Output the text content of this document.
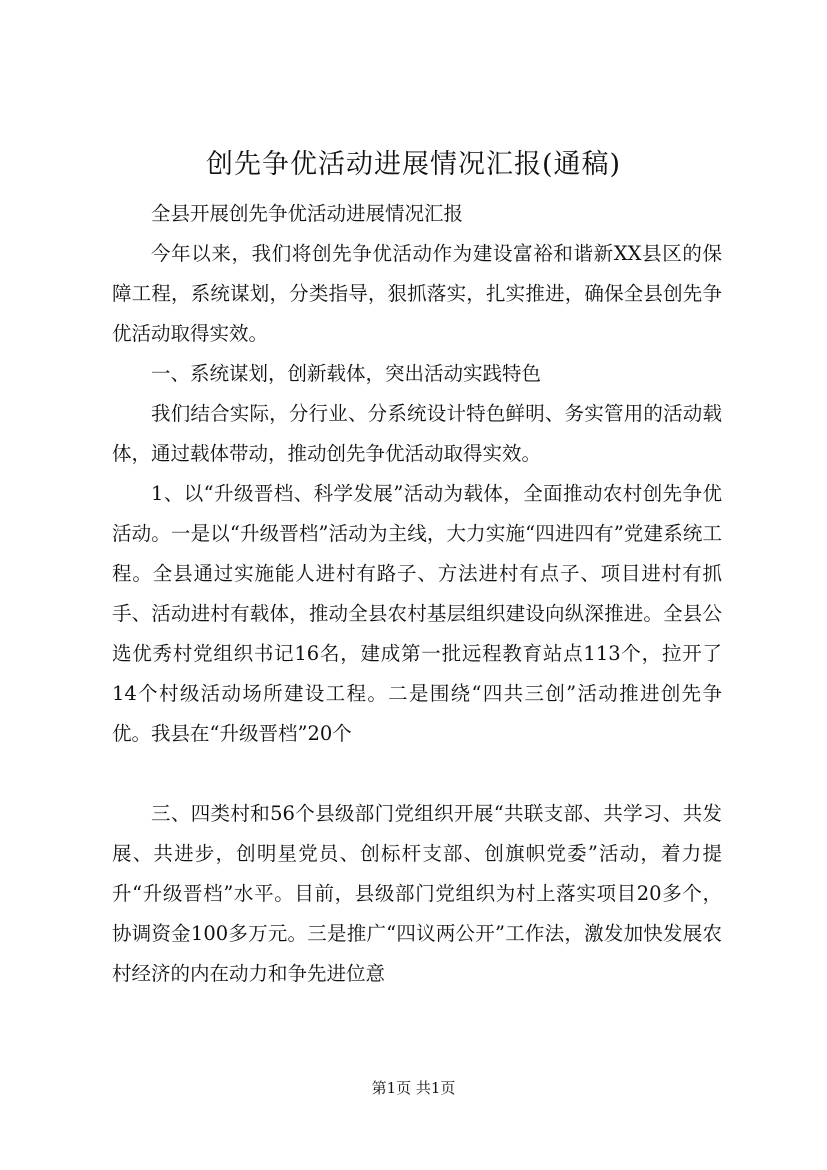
创先争优活动进展情况汇报(通稿)

全县开展创先争优活动进展情况汇报

今年以来，我们将创先争优活动作为建设富裕和谐新XX县区的保障工程，系统谋划，分类指导，狠抓落实，扎实推进，确保全县创先争优活动取得实效。

一、系统谋划，创新载体，突出活动实践特色

我们结合实际，分行业、分系统设计特色鲜明、务实管用的活动载体，通过载体带动，推动创先争优活动取得实效。

1、以“升级晋档、科学发展”活动为载体，全面推动农村创先争优活动。一是以“升级晋档”活动为主线，大力实施“四进四有”党建系统工程。全县通过实施能人进村有路子、方法进村有点子、项目进村有抓手、活动进村有载体，推动全县农村基层组织建设向纵深推进。全县公选优秀村党组织书记16名，建成第一批远程教育站点113个，拉开了14个村级活动场所建设工程。二是围绕“四共三创”活动推进创先争优。我县在“升级晋档”20个

三、四类村和56个县级部门党组织开展“共联支部、共学习、共发展、共进步，创明星党员、创标杆支部、创旗帜党委”活动，着力提升“升级晋档”水平。目前，县级部门党组织为村上落实项目20多个，协调资金100多万元。三是推广“四议两公开”工作法，激发加快发展农村经济的内在动力和争先进位意

第1页 共1页
